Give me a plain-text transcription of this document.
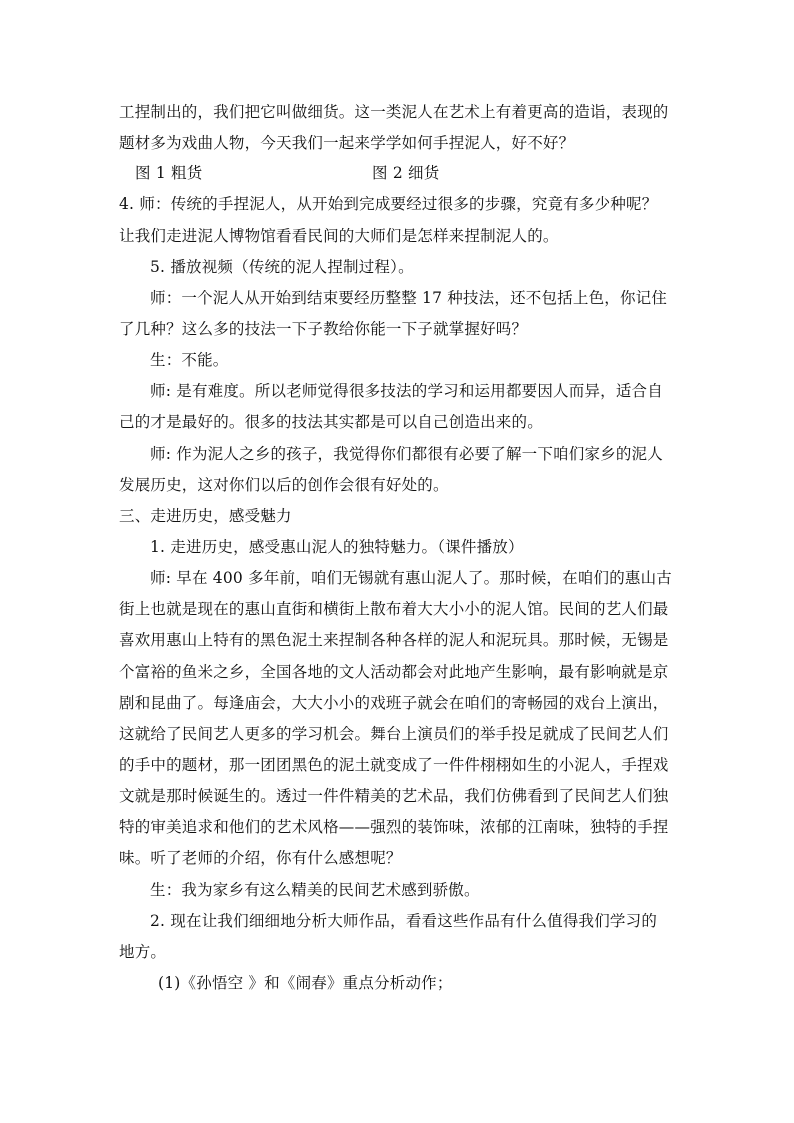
工捏制出的，我们把它叫做细货。这一类泥人在艺术上有着更高的造诣，表现的
题材多为戏曲人物，今天我们一起来学学如何手捏泥人，好不好？
图 1 粗货	图 2 细货
4. 师：传统的手捏泥人，从开始到完成要经过很多的步骤，究竟有多少种呢？
让我们走进泥人博物馆看看民间的大师们是怎样来捏制泥人的。
5. 播放视频（传统的泥人捏制过程）。
师：一个泥人从开始到结束要经历整整 17 种技法，还不包括上色，你记住
了几种？这么多的技法一下子教给你能一下子就掌握好吗？
生：不能。
师: 是有难度。所以老师觉得很多技法的学习和运用都要因人而异，适合自
己的才是最好的。很多的技法其实都是可以自己创造出来的。
师: 作为泥人之乡的孩子，我觉得你们都很有必要了解一下咱们家乡的泥人
发展历史，这对你们以后的创作会很有好处的。
三、走进历史，感受魅力
1. 走进历史，感受惠山泥人的独特魅力。（课件播放）
师: 早在 400 多年前，咱们无锡就有惠山泥人了。那时候，在咱们的惠山古
街上也就是现在的惠山直街和横街上散布着大大小小的泥人馆。民间的艺人们最
喜欢用惠山上特有的黑色泥土来捏制各种各样的泥人和泥玩具。那时候，无锡是
个富裕的鱼米之乡，全国各地的文人活动都会对此地产生影响，最有影响就是京
剧和昆曲了。每逢庙会，大大小小的戏班子就会在咱们的寄畅园的戏台上演出，
这就给了民间艺人更多的学习机会。舞台上演员们的举手投足就成了民间艺人们
的手中的题材，那一团团黑色的泥土就变成了一件件栩栩如生的小泥人，手捏戏
文就是那时候诞生的。透过一件件精美的艺术品，我们仿佛看到了民间艺人们独
特的审美追求和他们的艺术风格——强烈的装饰味，浓郁的江南味，独特的手捏
味。听了老师的介绍，你有什么感想呢？
生：我为家乡有这么精美的民间艺术感到骄傲。
2. 现在让我们细细地分析大师作品，看看这些作品有什么值得我们学习的
地方。
(1)《孙悟空 》和《闹春》重点分析动作；
